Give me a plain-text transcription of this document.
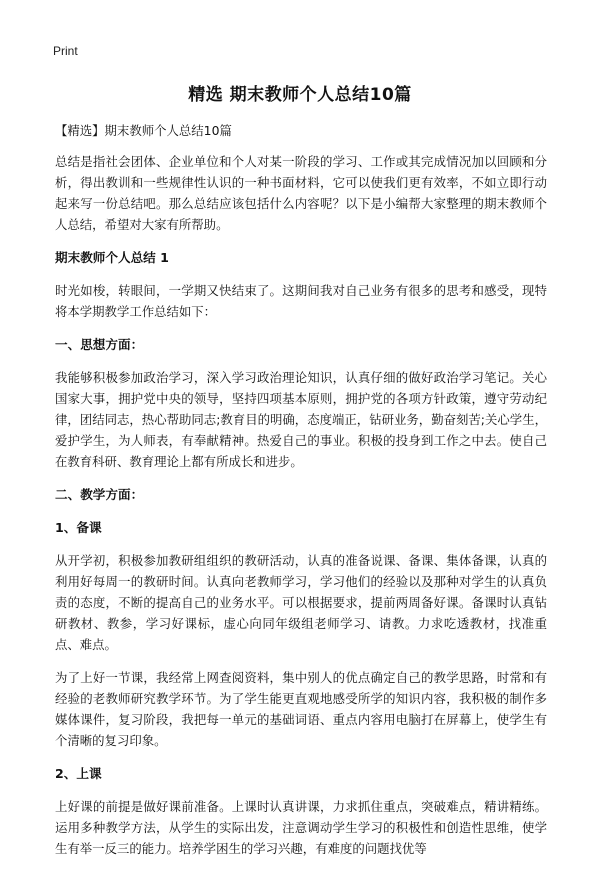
Print
精选 期末教师个人总结10篇

【精选】期末教师个人总结10篇

总结是指社会团体、企业单位和个人对某一阶段的学习、工作或其完成情况加以回顾和分析，得出教训和一些规律性认识的一种书面材料，它可以使我们更有效率，不如立即行动起来写一份总结吧。那么总结应该包括什么内容呢？以下是小编帮大家整理的期末教师个人总结，希望对大家有所帮助。

期末教师个人总结 1

时光如梭，转眼间，一学期又快结束了。这期间我对自己业务有很多的思考和感受，现特将本学期教学工作总结如下：

一、思想方面：

我能够积极参加政治学习，深入学习政治理论知识，认真仔细的做好政治学习笔记。关心国家大事，拥护党中央的领导，坚持四项基本原则，拥护党的各项方针政策，遵守劳动纪律，团结同志，热心帮助同志;教育目的明确，态度端正，钻研业务，勤奋刻苦;关心学生，爱护学生，为人师表，有奉献精神。热爱自己的事业。积极的投身到工作之中去。使自己在教育科研、教育理论上都有所成长和进步。

二、教学方面：
1、备课

从开学初，积极参加教研组组织的教研活动，认真的准备说课、备课、集体备课，认真的利用好每周一的教研时间。认真向老教师学习，学习他们的经验以及那种对学生的认真负责的态度，不断的提高自己的业务水平。可以根据要求，提前两周备好课。备课时认真钻研教材、教参，学习好课标，虚心向同年级组老师学习、请教。力求吃透教材，找准重点、难点。

为了上好一节课，我经常上网查阅资料，集中别人的优点确定自己的教学思路，时常和有经验的老教师研究教学环节。为了学生能更直观地感受所学的知识内容，我积极的制作多媒体课件，复习阶段，我把每一单元的基础词语、重点内容用电脑打在屏幕上，使学生有个清晰的复习印象。

2、上课

上好课的前提是做好课前准备。上课时认真讲课，力求抓住重点，突破难点，精讲精练。运用多种教学方法，从学生的实际出发，注意调动学生学习的积极性和创造性思维，使学生有举一反三的能力。培养学困生的学习兴趣，有难度的问题找优等
